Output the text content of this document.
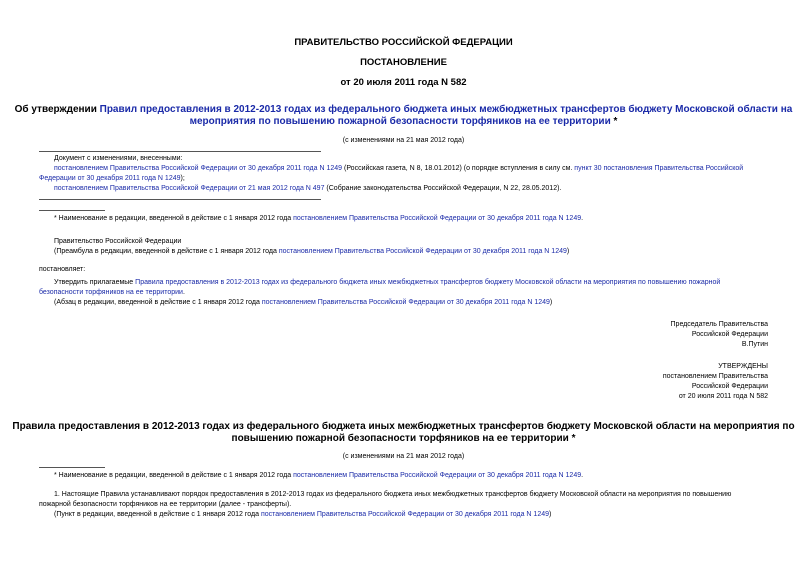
ПРАВИТЕЛЬСТВО РОССИЙСКОЙ ФЕДЕРАЦИИ
ПОСТАНОВЛЕНИЕ
от 20 июля 2011 года N 582
Об утверждении Правил предоставления в 2012-2013 годах из федерального бюджета иных межбюджетных трансфертов бюджету Московской области на
мероприятия по повышению пожарной безопасности торфяников на ее территории *
(с изменениями на 21 мая 2012 года)
Документ с изменениями, внесенными:
постановлением Правительства Российской Федерации от 30 декабря 2011 года N 1249 (Российская газета, N 8, 18.01.2012) (о порядке вступления в силу см. пункт 30 постановления Правительства Российской
Федерации от 30 декабря 2011 года N 1249);
постановлением Правительства Российской Федерации от 21 мая 2012 года N 497 (Собрание законодательства Российской Федерации, N 22, 28.05.2012).
* Наименование в редакции, введенной в действие с 1 января 2012 года постановлением Правительства Российской Федерации от 30 декабря 2011 года N 1249.
Правительство Российской Федерации
(Преамбула в редакции, введенной в действие с 1 января 2012 года постановлением Правительства Российской Федерации от 30 декабря 2011 года N 1249)
постановляет:
Утвердить прилагаемые Правила предоставления в 2012-2013 годах из федерального бюджета иных межбюджетных трансфертов бюджету Московской области на мероприятия по повышению пожарной
безопасности торфяников на ее территории.
(Абзац в редакции, введенной в действие с 1 января 2012 года постановлением Правительства Российской Федерации от 30 декабря 2011 года N 1249)
Председатель Правительства
Российской Федерации
В.Путин
УТВЕРЖДЕНЫ
постановлением Правительства
Российской Федерации
от 20 июля 2011 года N 582
Правила предоставления в 2012-2013 годах из федерального бюджета иных межбюджетных трансфертов бюджету Московской области на мероприятия по
повышению пожарной безопасности торфяников на ее территории *
(с изменениями на 21 мая 2012 года)
* Наименование в редакции, введенной в действие с 1 января 2012 года постановлением Правительства Российской Федерации от 30 декабря 2011 года N 1249.
1. Настоящие Правила устанавливают порядок предоставления в 2012-2013 годах из федерального бюджета иных межбюджетных трансфертов бюджету Московской области на мероприятия по повышению
пожарной безопасности торфяников на ее территории (далее - трансферты).
(Пункт в редакции, введенной в действие с 1 января 2012 года постановлением Правительства Российской Федерации от 30 декабря 2011 года N 1249)
